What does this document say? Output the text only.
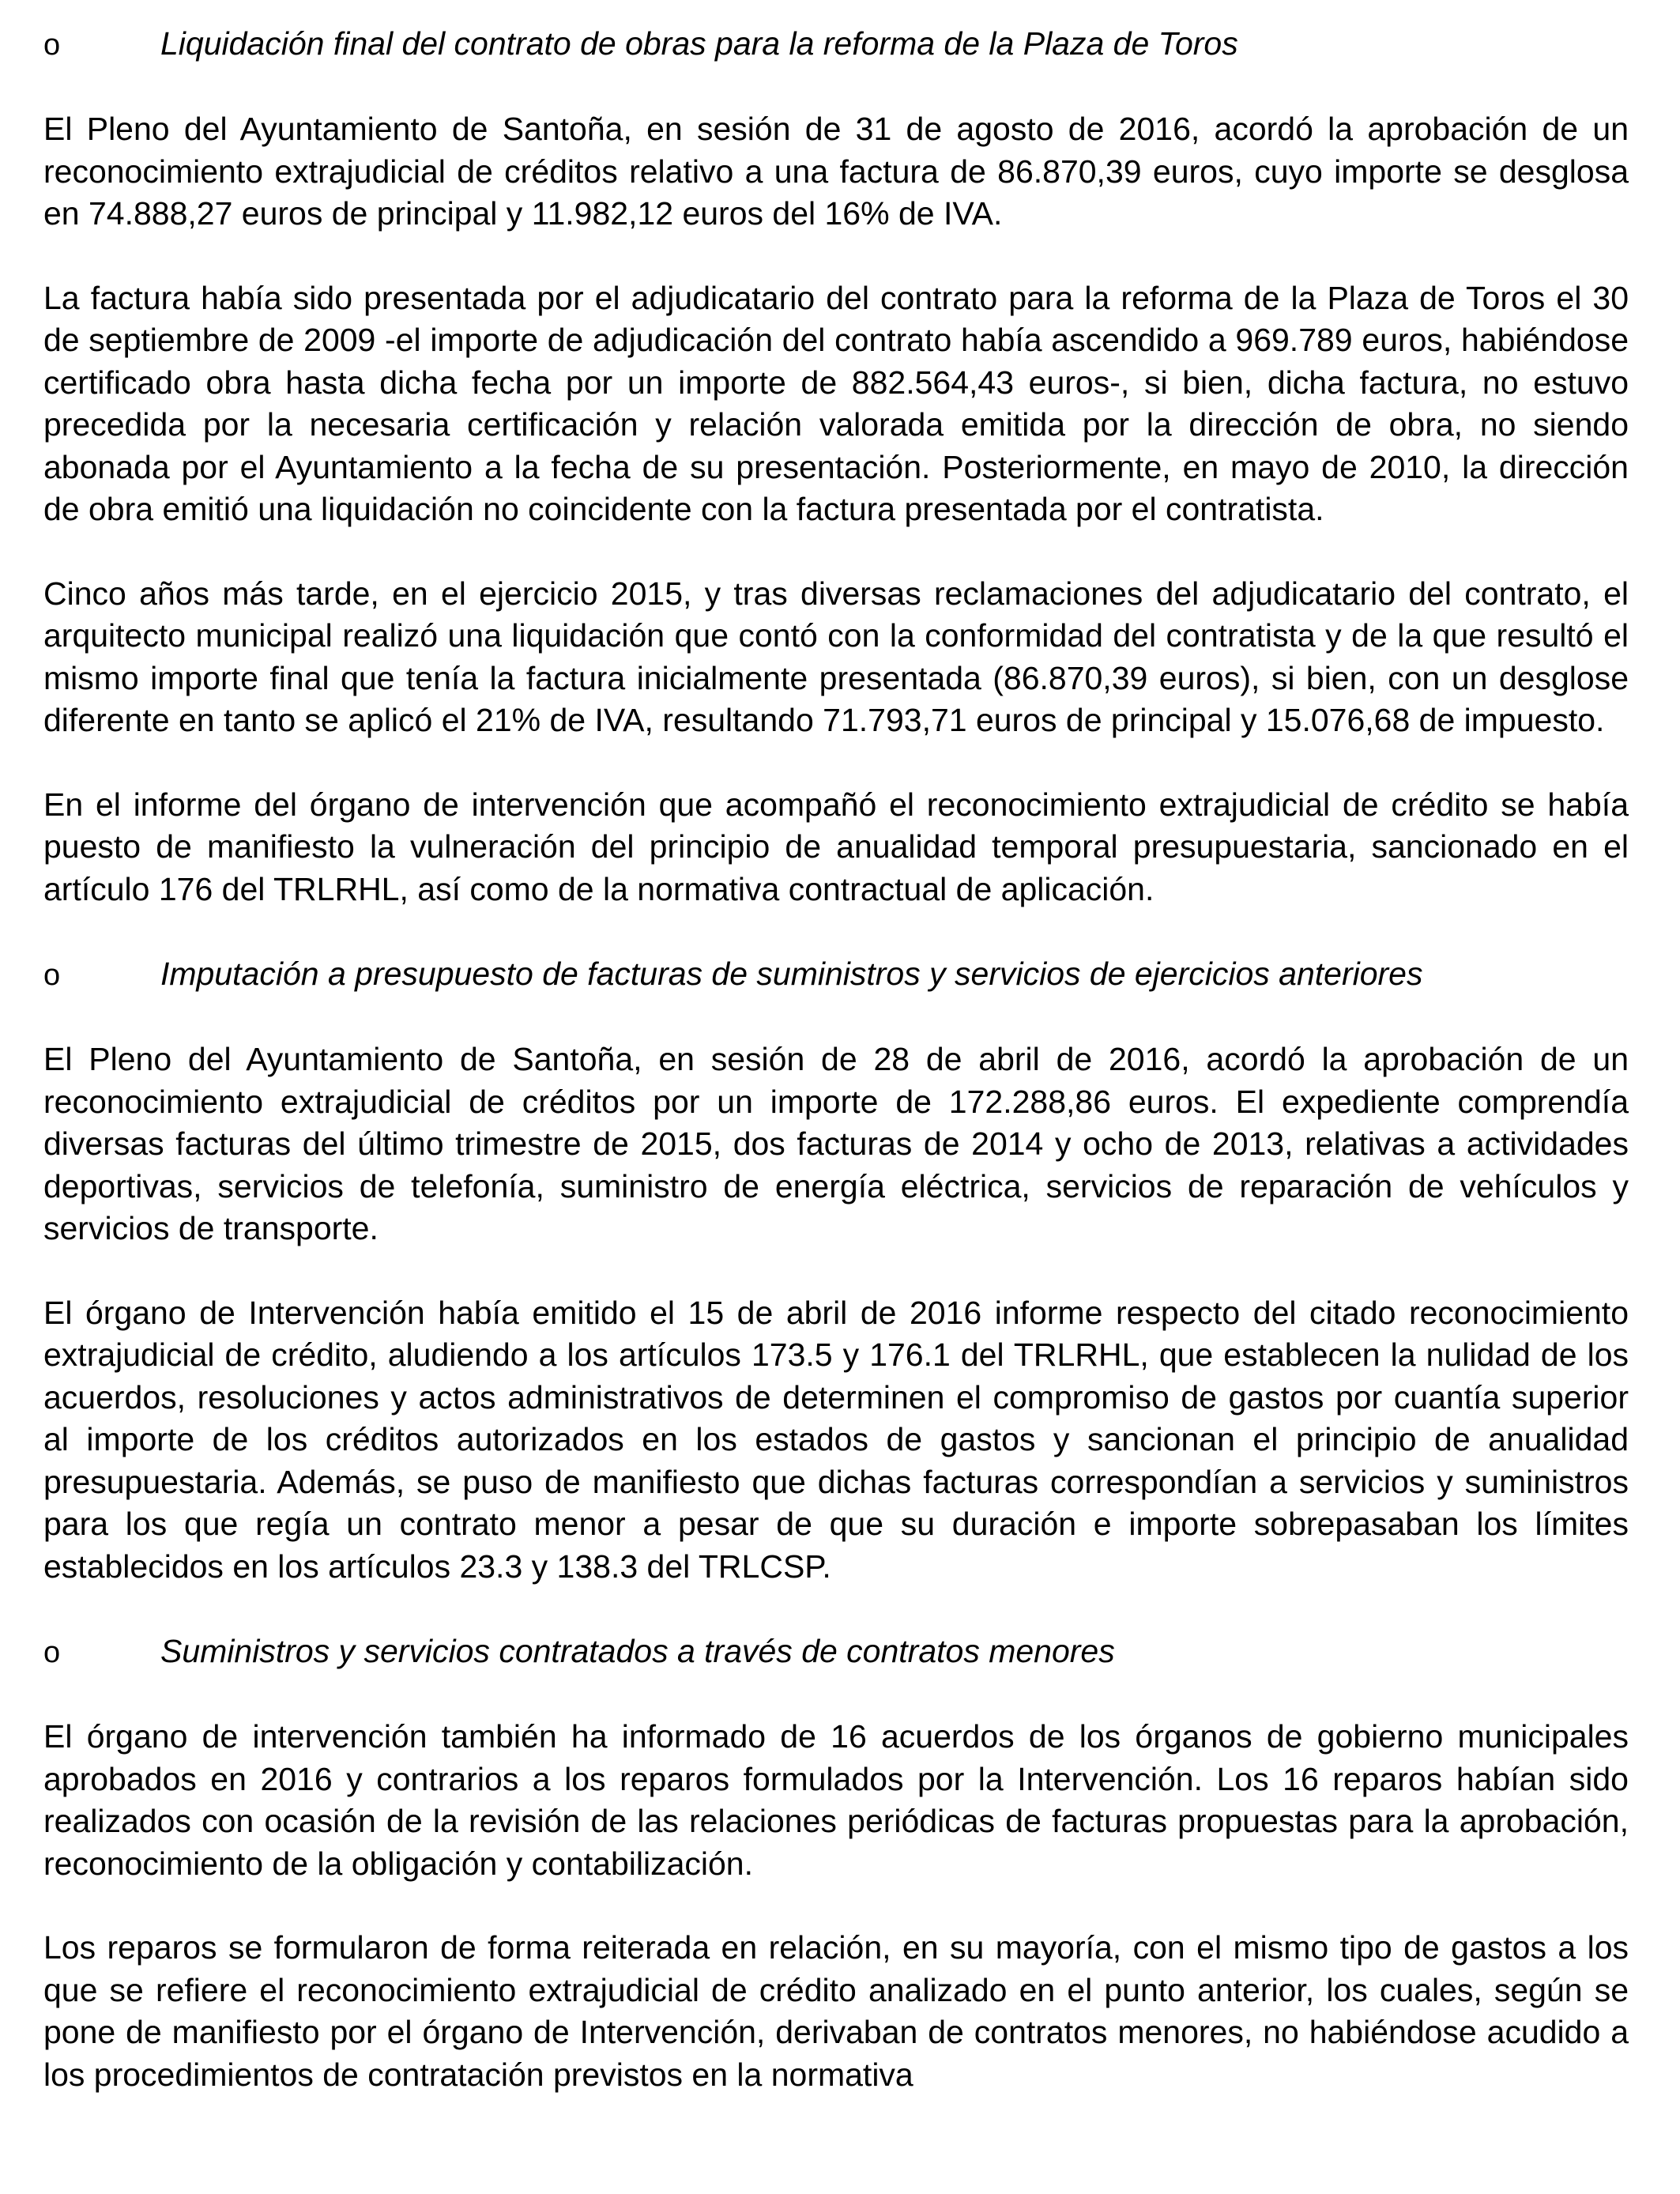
o	Liquidación final del contrato de obras para la reforma de la Plaza de Toros

El Pleno del Ayuntamiento de Santoña, en sesión de 31 de agosto de 2016, acordó la aprobación de un reconocimiento extrajudicial de créditos relativo a una factura de 86.870,39 euros, cuyo importe se desglosa en 74.888,27 euros de principal y 11.982,12 euros del 16% de IVA.

La factura había sido presentada por el adjudicatario del contrato para la reforma de la Plaza de Toros el 30 de septiembre de 2009 -el importe de adjudicación del contrato había ascendido a 969.789 euros, habiéndose certificado obra hasta dicha fecha por un importe de 882.564,43 euros-, si bien, dicha factura, no estuvo precedida por la necesaria certificación y relación valorada emitida por la dirección de obra, no siendo abonada por el Ayuntamiento a la fecha de su presentación. Posteriormente, en mayo de 2010, la dirección de obra emitió una liquidación no coincidente con la factura presentada por el contratista.

Cinco años más tarde, en el ejercicio 2015, y tras diversas reclamaciones del adjudicatario del contrato, el arquitecto municipal realizó una liquidación que contó con la conformidad del contratista y de la que resultó el mismo importe final que tenía la factura inicialmente presentada (86.870,39 euros), si bien, con un desglose diferente en tanto se aplicó el 21% de IVA, resultando 71.793,71 euros de principal y 15.076,68 de impuesto.

En el informe del órgano de intervención que acompañó el reconocimiento extrajudicial de crédito se había puesto de manifiesto la vulneración del principio de anualidad temporal presupuestaria, sancionado en el artículo 176 del TRLRHL, así como de la normativa contractual de aplicación.

o	Imputación a presupuesto de facturas de suministros y servicios de ejercicios anteriores

El Pleno del Ayuntamiento de Santoña, en sesión de 28 de abril de 2016, acordó la aprobación de un reconocimiento extrajudicial de créditos por un importe de 172.288,86 euros. El expediente comprendía diversas facturas del último trimestre de 2015, dos facturas de 2014 y ocho de 2013, relativas a actividades deportivas, servicios de telefonía, suministro de energía eléctrica, servicios de reparación de vehículos y servicios de transporte.

El órgano de Intervención había emitido el 15 de abril de 2016 informe respecto del citado reconocimiento extrajudicial de crédito, aludiendo a los artículos 173.5 y 176.1 del TRLRHL, que establecen la nulidad de los acuerdos, resoluciones y actos administrativos de determinen el compromiso de gastos por cuantía superior al importe de los créditos autorizados en los estados de gastos y sancionan el principio de anualidad presupuestaria. Además, se puso de manifiesto que dichas facturas correspondían a servicios y suministros para los que regía un contrato menor a pesar de que su duración e importe sobrepasaban los límites establecidos en los artículos 23.3 y 138.3 del TRLCSP.

o	Suministros y servicios contratados a través de contratos menores

El órgano de intervención también ha informado de 16 acuerdos de los órganos de gobierno municipales aprobados en 2016 y contrarios a los reparos formulados por la Intervención. Los 16 reparos habían sido realizados con ocasión de la revisión de las relaciones periódicas de facturas propuestas para la aprobación, reconocimiento de la obligación y contabilización.

Los reparos se formularon de forma reiterada en relación, en su mayoría, con el mismo tipo de gastos a los que se refiere el reconocimiento extrajudicial de crédito analizado en el punto anterior, los cuales, según se pone de manifiesto por el órgano de Intervención, derivaban de contratos menores, no habiéndose acudido a los procedimientos de contratación previstos en la normativa
